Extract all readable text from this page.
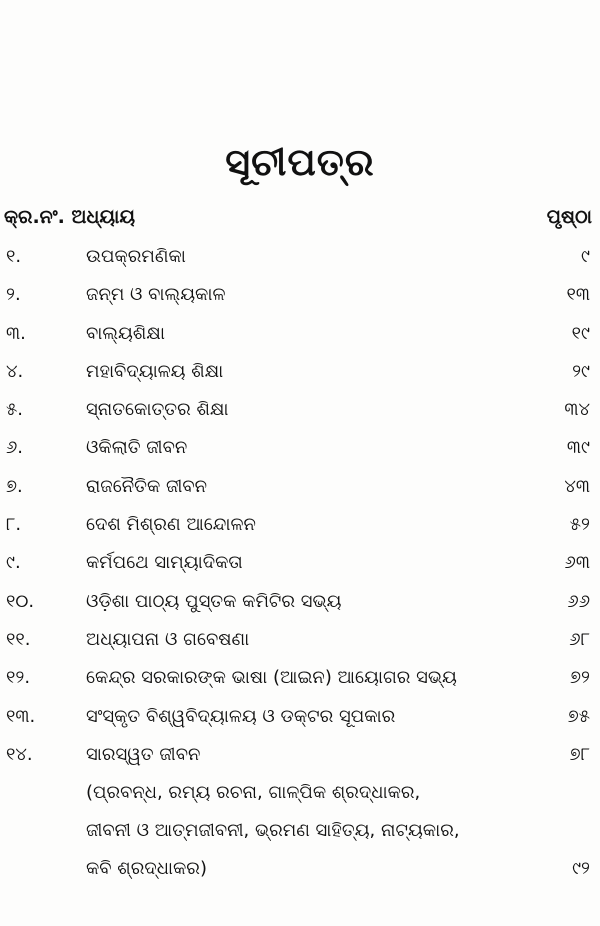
ସୂଚୀପତ୍ର
କ୍ର.ନଂ. ଅଧ୍ୟାୟ	ପୃଷ୍ଠା
୧.	ଉପକ୍ରମଣିକା	୯
୨.	ଜନ୍ମ ଓ ବାଲ୍ୟକାଳ	୧୩
୩.	ବାଲ୍ୟଶିକ୍ଷା	୧୯
୪.	ମହାବିଦ୍ୟାଳୟ ଶିକ୍ଷା	୨୯
୫.	ସ୍ନାତକୋତ୍ତର ଶିକ୍ଷା	୩୪
୬.	ଓକିଲାତି ଜୀବନ	୩୯
୭.	ରାଜନୈତିକ ଜୀବନ	୪୩
୮.	ଦେଶ ମିଶ୍ରଣ ଆନ୍ଦୋଳନ	୫୨
୯.	କର୍ମପଥେ ସାମ୍ୟାଦିକତା	୬୩
୧୦.	ଓଡ଼ିଶା ପାଠ୍ୟ ପୁସ୍ତକ କମିଟିର ସଭ୍ୟ	୬୬
୧୧.	ଅଧ୍ୟାପନା ଓ ଗବେଷଣା	୬୮
୧୨.	କେନ୍ଦ୍ର ସରକାରଙ୍କ ଭାଷା (ଆଇନ) ଆୟୋଗର ସଭ୍ୟ	୭୨
୧୩.	ସଂସ୍କୃତ ବିଶ୍ୱବିଦ୍ୟାଳୟ ଓ ଡକ୍ଟର ସୂପକାର	୭୫
୧୪.	ସାରସ୍ୱତ ଜୀବନ	୭୮
(ପ୍ରବନ୍ଧ, ରମ୍ୟ ରଚନା, ଗାଳ୍ପିକ ଶ୍ରଦ୍ଧାକର,
ଜୀବନୀ ଓ ଆତ୍ମଜୀବନୀ, ଭ୍ରମଣ ସାହିତ୍ୟ, ନାଟ୍ୟକାର,
କବି ଶ୍ରଦ୍ଧାକର)	୯୨
